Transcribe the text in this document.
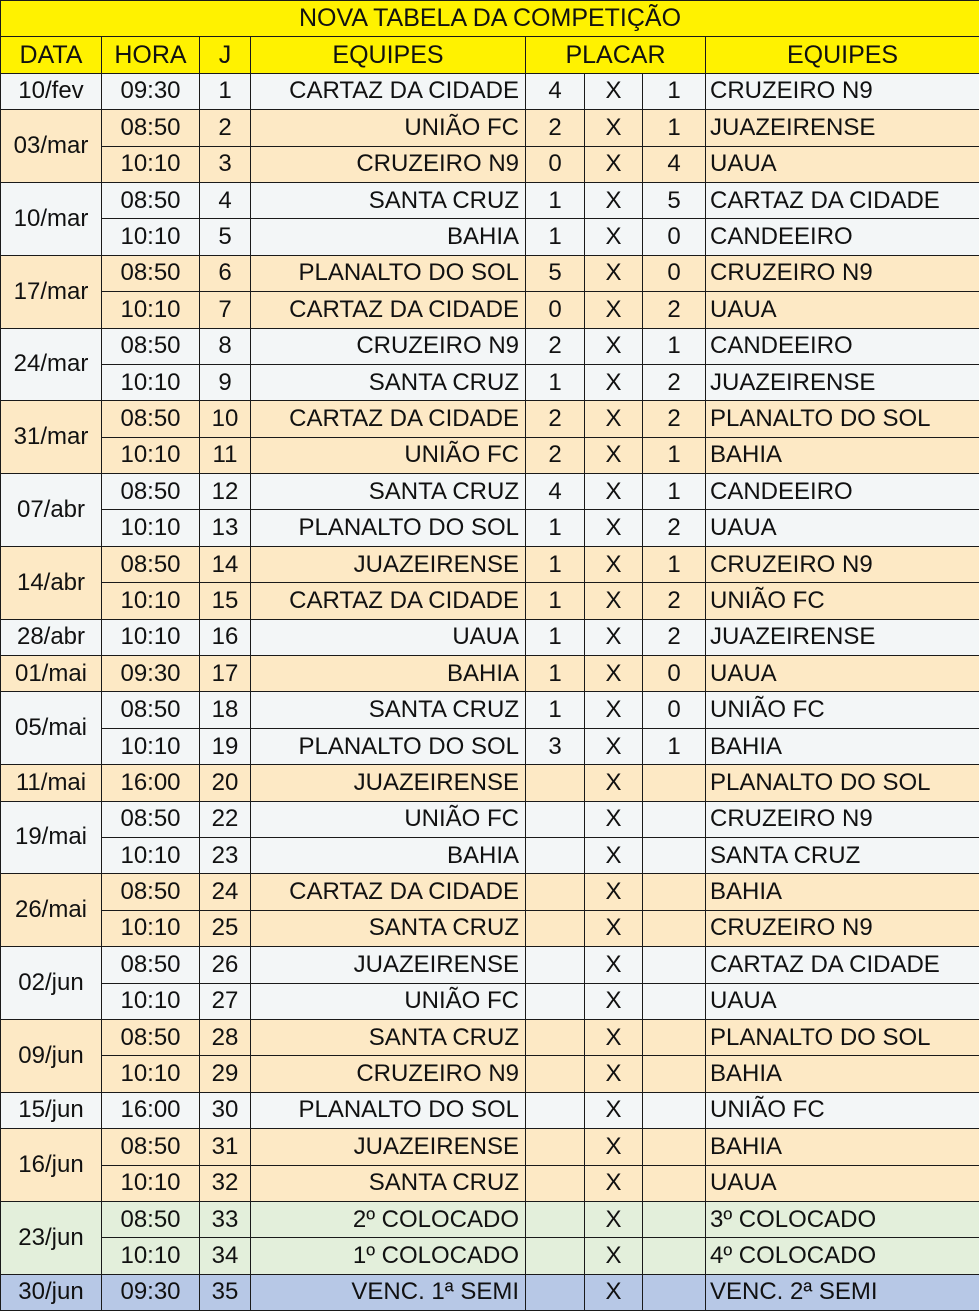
NOVA TABELA DA COMPETIÇÃO							
DATA	HORA	J	EQUIPES	PLACAR			EQUIPES
10/fev	09:30	1	CARTAZ DA CIDADE	4	X	1	CRUZEIRO N9
03/mar	08:50	2	UNIÃO FC	2	X	1	JUAZEIRENSE
	10:10	3	CRUZEIRO N9	0	X	4	UAUA
10/mar	08:50	4	SANTA CRUZ	1	X	5	CARTAZ DA CIDADE
	10:10	5	BAHIA	1	X	0	CANDEEIRO
17/mar	08:50	6	PLANALTO DO SOL	5	X	0	CRUZEIRO N9
	10:10	7	CARTAZ DA CIDADE	0	X	2	UAUA
24/mar	08:50	8	CRUZEIRO N9	2	X	1	CANDEEIRO
	10:10	9	SANTA CRUZ	1	X	2	JUAZEIRENSE
31/mar	08:50	10	CARTAZ DA CIDADE	2	X	2	PLANALTO DO SOL
	10:10	11	UNIÃO FC	2	X	1	BAHIA
07/abr	08:50	12	SANTA CRUZ	4	X	1	CANDEEIRO
	10:10	13	PLANALTO DO SOL	1	X	2	UAUA
14/abr	08:50	14	JUAZEIRENSE	1	X	1	CRUZEIRO N9
	10:10	15	CARTAZ DA CIDADE	1	X	2	UNIÃO FC
28/abr	10:10	16	UAUA	1	X	2	JUAZEIRENSE
01/mai	09:30	17	BAHIA	1	X	0	UAUA
05/mai	08:50	18	SANTA CRUZ	1	X	0	UNIÃO FC
	10:10	19	PLANALTO DO SOL	3	X	1	BAHIA
11/mai	16:00	20	JUAZEIRENSE		X		PLANALTO DO SOL
19/mai	08:50	22	UNIÃO FC		X		CRUZEIRO N9
	10:10	23	BAHIA		X		SANTA CRUZ
26/mai	08:50	24	CARTAZ DA CIDADE		X		BAHIA
	10:10	25	SANTA CRUZ		X		CRUZEIRO N9
02/jun	08:50	26	JUAZEIRENSE		X		CARTAZ DA CIDADE
	10:10	27	UNIÃO FC		X		UAUA
09/jun	08:50	28	SANTA CRUZ		X		PLANALTO DO SOL
	10:10	29	CRUZEIRO N9		X		BAHIA
15/jun	16:00	30	PLANALTO DO SOL		X		UNIÃO FC
16/jun	08:50	31	JUAZEIRENSE		X		BAHIA
	10:10	32	SANTA CRUZ		X		UAUA
23/jun	08:50	33	2º COLOCADO		X		3º COLOCADO
	10:10	34	1º COLOCADO		X		4º COLOCADO
30/jun	09:30	35	VENC. 1ª SEMI		X		VENC. 2ª SEMI
